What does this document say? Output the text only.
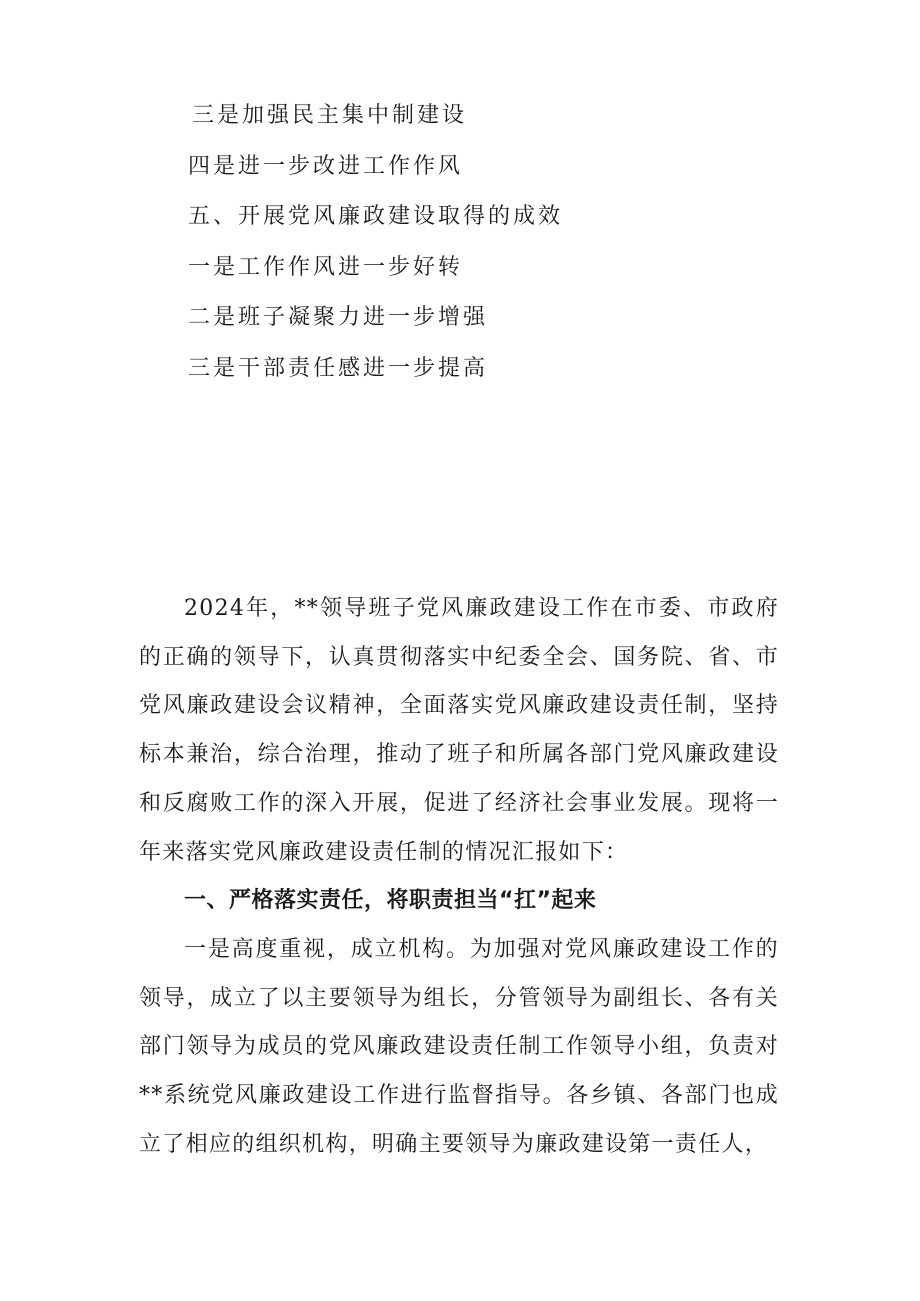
三是加强民主集中制建设
四是进一步改进工作作风
五、开展党风廉政建设取得的成效
一是工作作风进一步好转
二是班子凝聚力进一步增强
三是干部责任感进一步提高

2024年，**领导班子党风廉政建设工作在市委、市政府的正确的领导下，认真贯彻落实中纪委全会、国务院、省、市党风廉政建设会议精神，全面落实党风廉政建设责任制，坚持标本兼治，综合治理，推动了班子和所属各部门党风廉政建设和反腐败工作的深入开展，促进了经济社会事业发展。现将一年来落实党风廉政建设责任制的情况汇报如下：

一、严格落实责任，将职责担当“扛”起来

一是高度重视，成立机构。为加强对党风廉政建设工作的领导，成立了以主要领导为组长，分管领导为副组长、各有关部门领导为成员的党风廉政建设责任制工作领导小组，负责对**系统党风廉政建设工作进行监督指导。各乡镇、各部门也成立了相应的组织机构，明确主要领导为廉政建设第一责任人，
